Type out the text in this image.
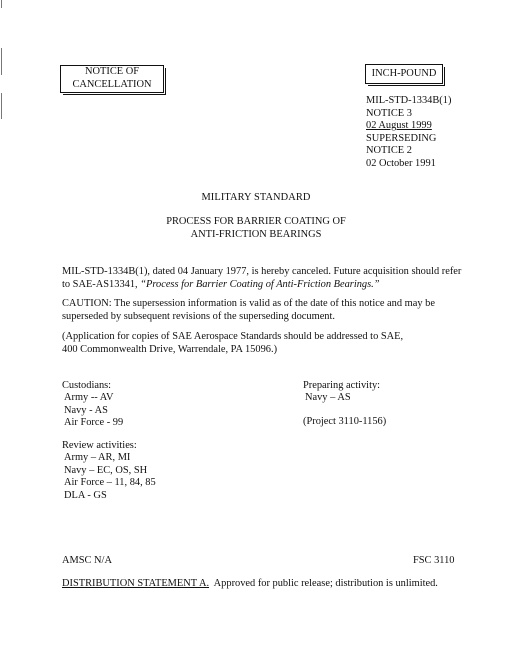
NOTICE OF
CANCELLATION
INCH-POUND
MIL-STD-1334B(1)
NOTICE 3
02 August 1999
SUPERSEDING
NOTICE 2
02 October 1991
MILITARY STANDARD
PROCESS FOR BARRIER COATING OF
ANTI-FRICTION BEARINGS
MIL-STD-1334B(1), dated 04 January 1977, is hereby canceled. Future acquisition should refer
to SAE-AS13341, “Process for Barrier Coating of Anti-Friction Bearings.”
CAUTION: The supersession information is valid as of the date of this notice and may be
superseded by subsequent revisions of the superseding document.
(Application for copies of SAE Aerospace Standards should be addressed to SAE,
400 Commonwealth Drive, Warrendale, PA 15096.)
Custodians:
Army -- AV
Navy - AS
Air Force - 99
Preparing activity:
Navy – AS
(Project 3110-1156)
Review activities:
Army – AR, MI
Navy – EC, OS, SH
Air Force – 11, 84, 85
DLA - GS
AMSC N/A	FSC 3110
DISTRIBUTION STATEMENT A.  Approved for public release; distribution is unlimited.
